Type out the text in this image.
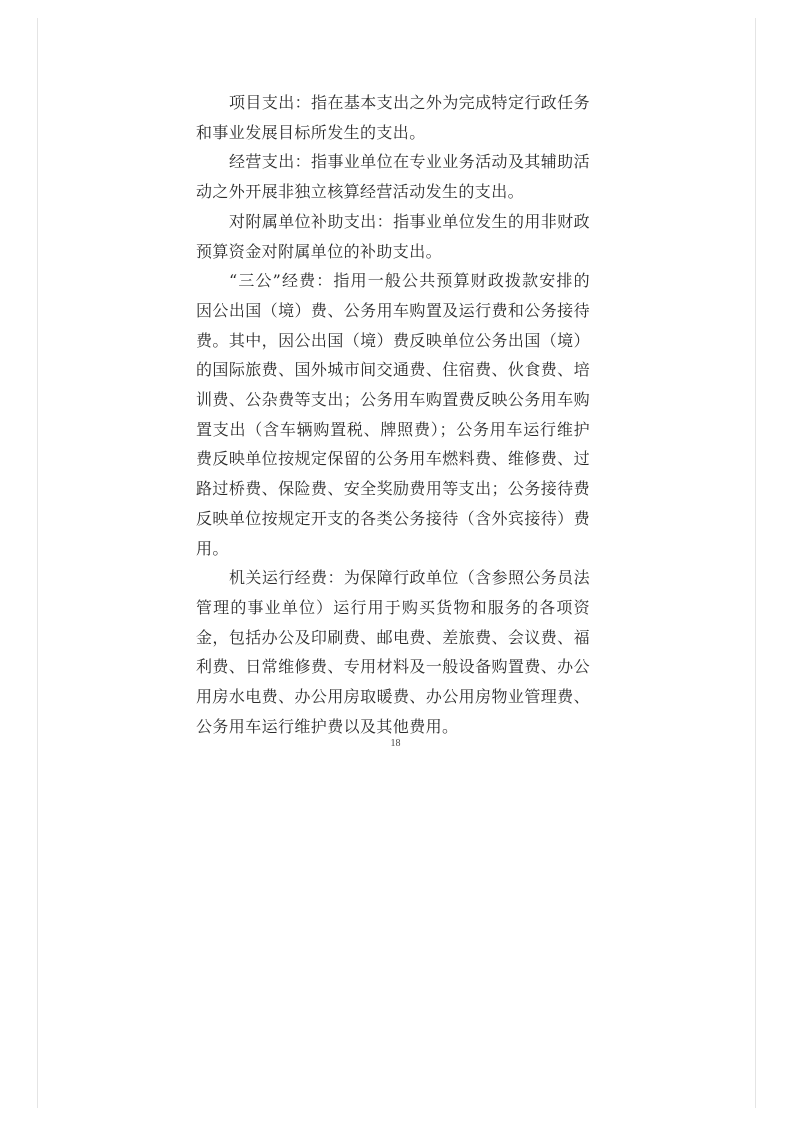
项目支出：指在基本支出之外为完成特定行政任务和事业发展目标所发生的支出。

经营支出：指事业单位在专业业务活动及其辅助活动之外开展非独立核算经营活动发生的支出。

对附属单位补助支出：指事业单位发生的用非财政预算资金对附属单位的补助支出。

“三公”经费：指用一般公共预算财政拨款安排的因公出国（境）费、公务用车购置及运行费和公务接待费。其中，因公出国（境）费反映单位公务出国（境）的国际旅费、国外城市间交通费、住宿费、伙食费、培训费、公杂费等支出；公务用车购置费反映公务用车购置支出（含车辆购置税、牌照费）；公务用车运行维护费反映单位按规定保留的公务用车燃料费、维修费、过路过桥费、保险费、安全奖励费用等支出；公务接待费反映单位按规定开支的各类公务接待（含外宾接待）费用。

机关运行经费：为保障行政单位（含参照公务员法管理的事业单位）运行用于购买货物和服务的各项资金，包括办公及印刷费、邮电费、差旅费、会议费、福利费、日常维修费、专用材料及一般设备购置费、办公用房水电费、办公用房取暖费、办公用房物业管理费、公务用车运行维护费以及其他费用。

18
